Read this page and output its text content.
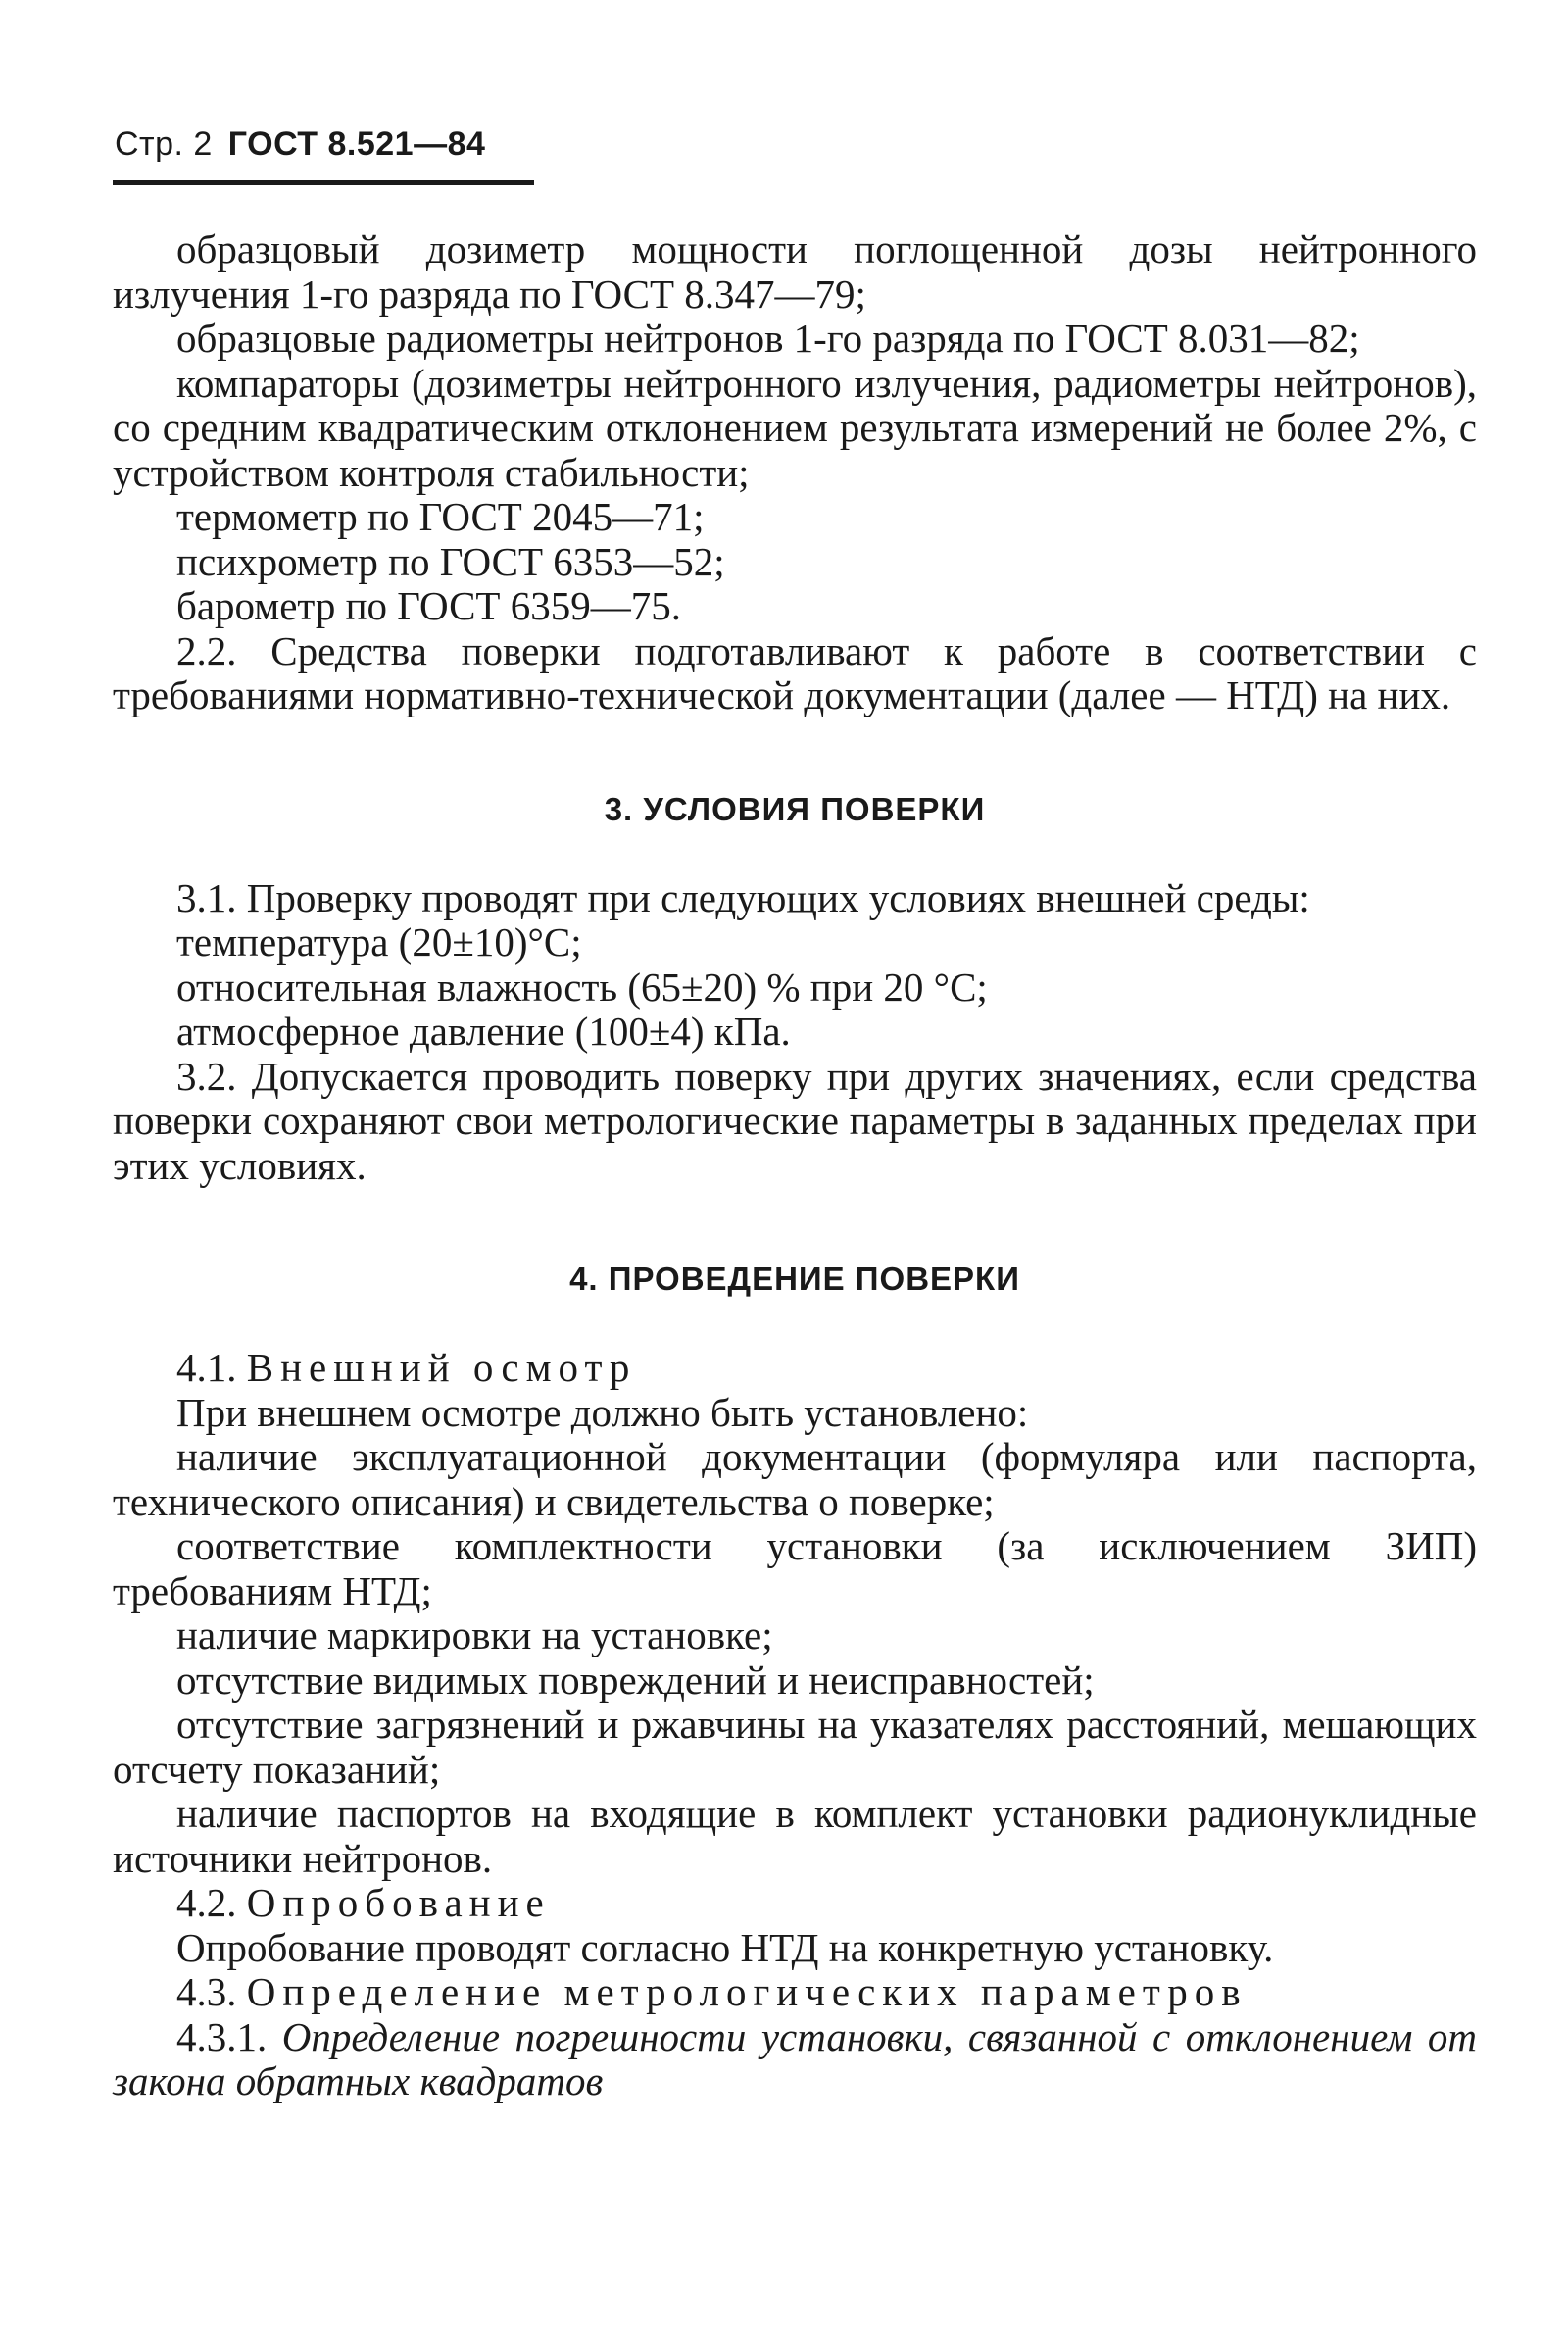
Стр. 2 ГОСТ 8.521—84

образцовый дозиметр мощности поглощенной дозы нейтронного излучения 1-го разряда по ГОСТ 8.347—79;

образцовые радиометры нейтронов 1-го разряда по ГОСТ 8.031—82;

компараторы (дозиметры нейтронного излучения, радиометры нейтронов), со средним квадратическим отклонением результата измерений не более 2%, с устройством контроля стабильности;

термометр по ГОСТ 2045—71;

психрометр по ГОСТ 6353—52;

барометр по ГОСТ 6359—75.

2.2. Средства поверки подготавливают к работе в соответствии с требованиями нормативно-технической документации (далее — НТД) на них.

3. УСЛОВИЯ ПОВЕРКИ

3.1. Проверку проводят при следующих условиях внешней среды:

температура (20±10)°С;

относительная влажность (65±20) % при 20 °С;

атмосферное давление (100±4) кПа.

3.2. Допускается проводить поверку при других значениях, если средства поверки сохраняют свои метрологические параметры в заданных пределах при этих условиях.

4. ПРОВЕДЕНИЕ ПОВЕРКИ

4.1. Внешний осмотр

При внешнем осмотре должно быть установлено:

наличие эксплуатационной документации (формуляра или паспорта, технического описания) и свидетельства о поверке;

соответствие комплектности установки (за исключением ЗИП) требованиям НТД;

наличие маркировки на установке;

отсутствие видимых повреждений и неисправностей;

отсутствие загрязнений и ржавчины на указателях расстояний, мешающих отсчету показаний;

наличие паспортов на входящие в комплект установки радионуклидные источники нейтронов.

4.2. Опробование

Опробование проводят согласно НТД на конкретную установку.

4.3. Определение метрологических параметров

4.3.1. Определение погрешности установки, связанной с отклонением от закона обратных квадратов
